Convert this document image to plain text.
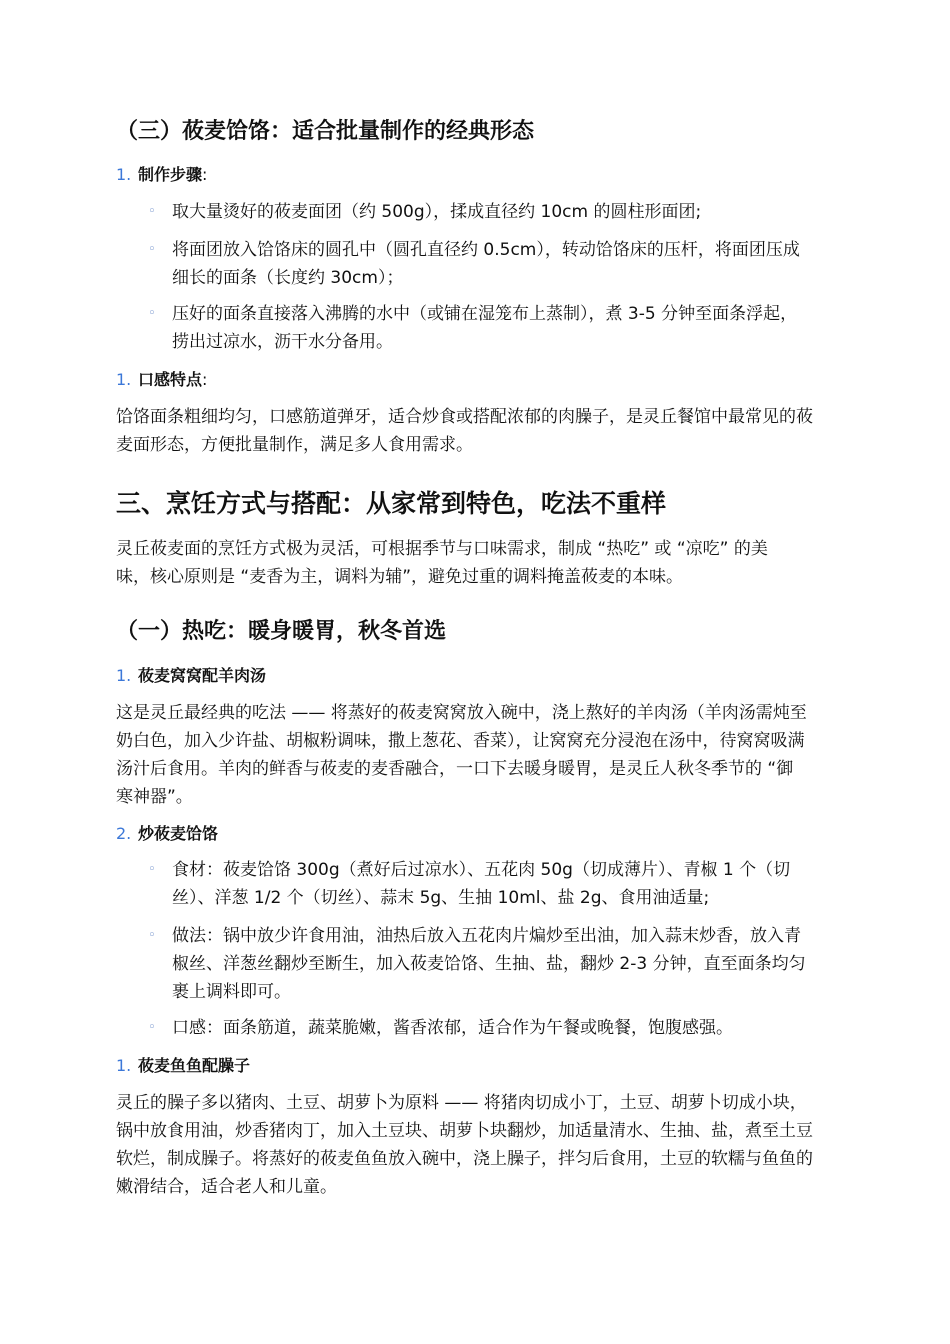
（三）莜麦饸饹：适合批量制作的经典形态
1. 制作步骤:
◦ 取大量烫好的莜麦面团（约 500g），揉成直径约 10cm 的圆柱形面团;
◦ 将面团放入饸饹床的圆孔中（圆孔直径约 0.5cm），转动饸饹床的压杆，将面团压成
细长的面条（长度约 30cm）；
◦ 压好的面条直接落入沸腾的水中（或铺在湿笼布上蒸制），煮 3-5 分钟至面条浮起，
捞出过凉水，沥干水分备用。
1. 口感特点:
饸饹面条粗细均匀，口感筋道弹牙，适合炒食或搭配浓郁的肉臊子，是灵丘餐馆中最常见的莜
麦面形态，方便批量制作，满足多人食用需求。
三、烹饪方式与搭配：从家常到特色，吃法不重样
灵丘莜麦面的烹饪方式极为灵活，可根据季节与口味需求，制成 “热吃” 或 “凉吃” 的美
味，核心原则是 “麦香为主，调料为辅”，避免过重的调料掩盖莜麦的本味。
（一）热吃：暖身暖胃，秋冬首选
1. 莜麦窝窝配羊肉汤
这是灵丘最经典的吃法 —— 将蒸好的莜麦窝窝放入碗中，浇上熬好的羊肉汤（羊肉汤需炖至
奶白色，加入少许盐、胡椒粉调味，撒上葱花、香菜），让窝窝充分浸泡在汤中，待窝窝吸满
汤汁后食用。羊肉的鲜香与莜麦的麦香融合，一口下去暖身暖胃，是灵丘人秋冬季节的 “御
寒神器”。
2. 炒莜麦饸饹
◦ 食材：莜麦饸饹 300g（煮好后过凉水）、五花肉 50g（切成薄片）、青椒 1 个（切
丝）、洋葱 1/2 个（切丝）、蒜末 5g、生抽 10ml、盐 2g、食用油适量;
◦ 做法：锅中放少许食用油，油热后放入五花肉片煸炒至出油，加入蒜末炒香，放入青
椒丝、洋葱丝翻炒至断生，加入莜麦饸饹、生抽、盐，翻炒 2-3 分钟，直至面条均匀
裹上调料即可。
◦ 口感：面条筋道，蔬菜脆嫩，酱香浓郁，适合作为午餐或晚餐，饱腹感强。
1. 莜麦鱼鱼配臊子
灵丘的臊子多以猪肉、土豆、胡萝卜为原料 —— 将猪肉切成小丁，土豆、胡萝卜切成小块，
锅中放食用油，炒香猪肉丁，加入土豆块、胡萝卜块翻炒，加适量清水、生抽、盐，煮至土豆
软烂，制成臊子。将蒸好的莜麦鱼鱼放入碗中，浇上臊子，拌匀后食用，土豆的软糯与鱼鱼的
嫩滑结合，适合老人和儿童。
